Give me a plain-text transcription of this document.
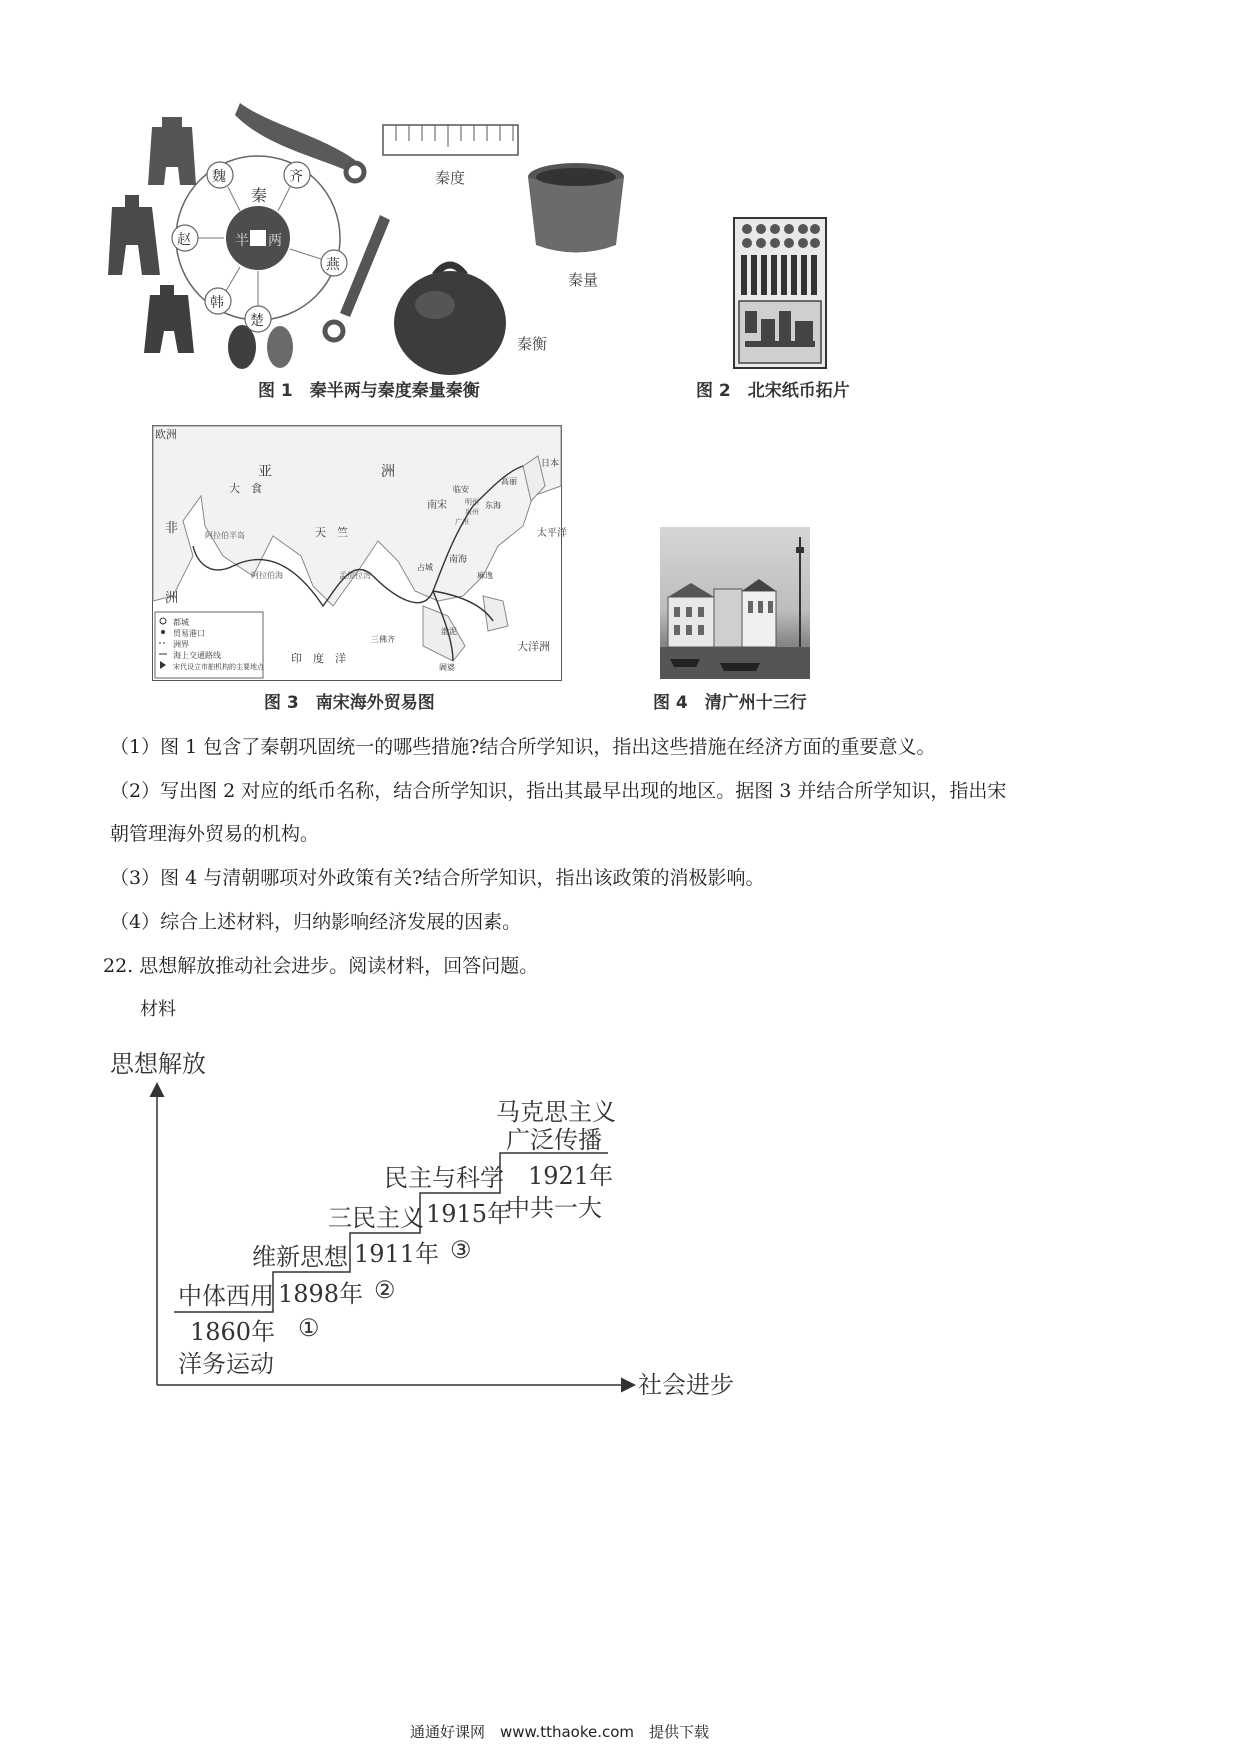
半 两
秦
魏	齐
赵
燕
韩
楚
秦度
秦量
秦衡
图 1　秦半两与秦度秦量秦衡	图 2　北宋纸币拓片
都城
贸易港口
洲界
海上交通路线
宋代设立市舶机构的主要地点
欧洲
亚	洲
非
洲
大　食
阿拉伯半岛
阿拉伯海
天　竺
孟加拉湾
印　度　洋
临安
南宋
广州
明州
泉州
东海
高丽
日本
太平洋
占城
南海
麻逸
三佛齐
渤泥
阇婆
大洋洲
图 3　南宋海外贸易图	图 4　清广州十三行
（1）图 1 包含了秦朝巩固统一的哪些措施?结合所学知识，指出这些措施在经济方面的重要意义。
（2）写出图 2 对应的纸币名称，结合所学知识，指出其最早出现的地区。据图 3 并结合所学知识，指出宋
朝管理海外贸易的机构。
（3）图 4 与清朝哪项对外政策有关?结合所学知识，指出该政策的消极影响。
（4）综合上述材料，归纳影响经济发展的因素。
22. 思想解放推动社会进步。阅读材料，回答问题。
材料
思想解放
社会进步
中体西用
1860年
洋务运动
维新思想
1898年
①
三民主义
1911年
②
民主与科学
1915年
③
马克思主义
广泛传播
1921年
中共一大
通通好课网　www.tthaoke.com　提供下载
